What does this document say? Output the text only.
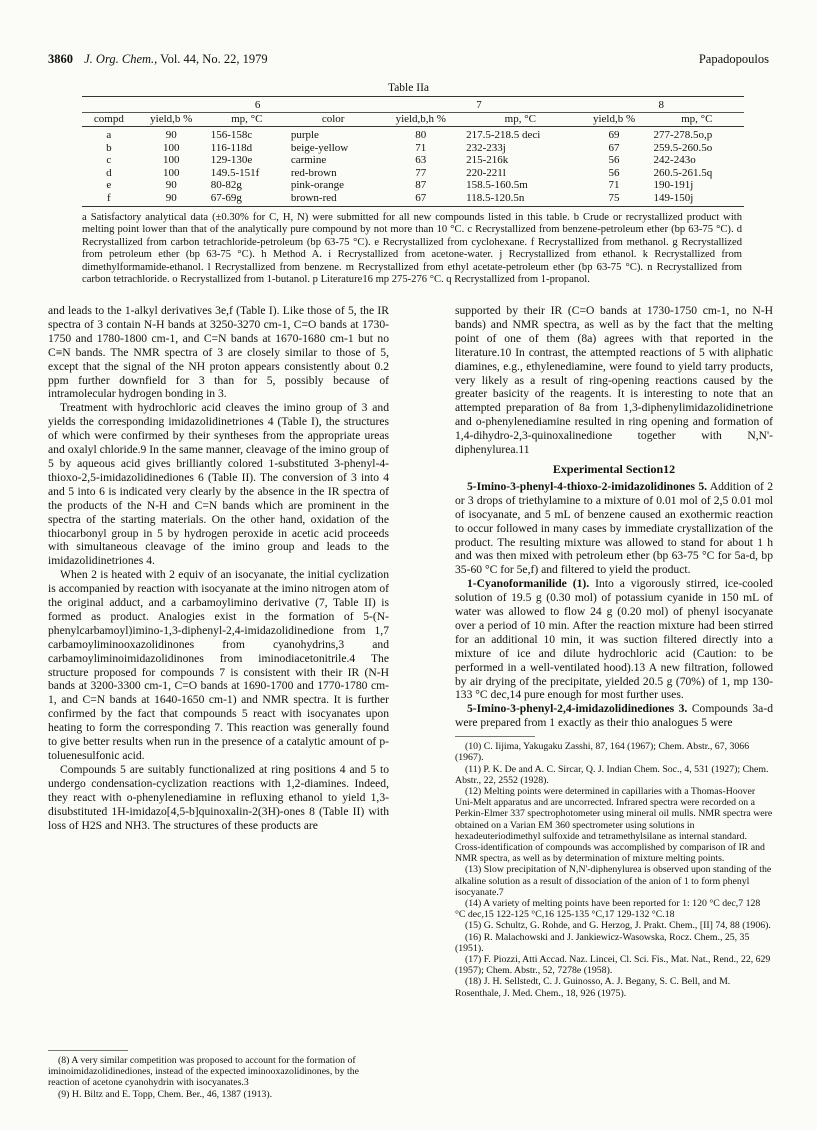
3860 J. Org. Chem., Vol. 44, No. 22, 1979	Papadopoulos
Table IIa
	6			7		8	
compd	yield,b %	mp, °C	color	yield,b,h %	mp, °C	yield,b %	mp, °C
a	90	156-158c	purple	80	217.5-218.5 deci	69	277-278.5o,p
b	100	116-118d	beige-yellow	71	232-233j	67	259.5-260.5o
c	100	129-130e	carmine	63	215-216k	56	242-243o
d	100	149.5-151f	red-brown	77	220-221l	56	260.5-261.5q
e	90	80-82g	pink-orange	87	158.5-160.5m	71	190-191j
f	90	67-69g	brown-red	67	118.5-120.5n	75	149-150j
a Satisfactory analytical data (±0.30% for C, H, N) were submitted for all new compounds listed in this table. b Crude or recrystallized product with melting point lower than that of the analytically pure compound by not more than 10 °C. c Recrystallized from benzene-petroleum ether (bp 63-75 °C). d Recrystallized from carbon tetrachloride-petroleum (bp 63-75 °C). e Recrystallized from cyclohexane. f Recrystallized from methanol. g Recrystallized from petroleum ether (bp 63-75 °C). h Method A. i Recrystallized from acetone-water. j Recrystallized from ethanol. k Recrystallized from dimethylformamide-ethanol. l Recrystallized from benzene. m Recrystallized from ethyl acetate-petroleum ether (bp 63-75 °C). n Recrystallized from carbon tetrachloride. o Recrystallized from 1-butanol. p Literature16 mp 275-276 °C. q Recrystallized from 1-propanol.

and leads to the 1-alkyl derivatives 3e,f (Table I). Like those of 5, the IR spectra of 3 contain N-H bands at 3250-3270 cm-1, C=O bands at 1730-1750 and 1780-1800 cm-1, and C=N bands at 1670-1680 cm-1 but no C≡N bands. The NMR spectra of 3 are closely similar to those of 5, except that the signal of the NH proton appears consistently about 0.2 ppm further downfield for 3 than for 5, possibly because of intramolecular hydrogen bonding in 3.

Treatment with hydrochloric acid cleaves the imino group of 3 and yields the corresponding imidazolidinetriones 4 (Table I), the structures of which were confirmed by their syntheses from the appropriate ureas and oxalyl chloride.9 In the same manner, cleavage of the imino group of 5 by aqueous acid gives brilliantly colored 1-substituted 3-phenyl-4-thioxo-2,5-imidazolidinediones 6 (Table II). The conversion of 3 into 4 and 5 into 6 is indicated very clearly by the absence in the IR spectra of the products of the N-H and C=N bands which are prominent in the spectra of the starting materials. On the other hand, oxidation of the thiocarbonyl group in 5 by hydrogen peroxide in acetic acid proceeds with simultaneous cleavage of the imino group and leads to the imidazolidinetriones 4.

When 2 is heated with 2 equiv of an isocyanate, the initial cyclization is accompanied by reaction with isocyanate at the imino nitrogen atom of the original adduct, and a carbamoylimino derivative (7, Table II) is formed as product. Analogies exist in the formation of 5-(N-phenylcarbamoyl)imino-1,3-diphenyl-2,4-imidazolidinedione from 1,7 carbamoyliminooxazolidinones from cyanohydrins,3 and carbamoyliminoimidazolidinones from iminodiacetonitrile.4 The structure proposed for compounds 7 is consistent with their IR (N-H bands at 3200-3300 cm-1, C=O bands at 1690-1700 and 1770-1780 cm-1, and C=N bands at 1640-1650 cm-1) and NMR spectra. It is further confirmed by the fact that compounds 5 react with isocyanates upon heating to form the corresponding 7. This reaction was generally found to give better results when run in the presence of a catalytic amount of p-toluenesulfonic acid.

Compounds 5 are suitably functionalized at ring positions 4 and 5 to undergo condensation-cyclization reactions with 1,2-diamines. Indeed, they react with o-phenylenediamine in refluxing ethanol to yield 1,3-disubstituted 1H-imidazo[4,5-b]quinoxalin-2(3H)-ones 8 (Table II) with loss of H2S and NH3. The structures of these products are

(8) A very similar competition was proposed to account for the formation of iminoimidazolidinediones, instead of the expected iminooxazolidinones, by the reaction of acetone cyanohydrin with isocyanates.3

(9) H. Biltz and E. Topp, Chem. Ber., 46, 1387 (1913).

supported by their IR (C=O bands at 1730-1750 cm-1, no N-H bands) and NMR spectra, as well as by the fact that the melting point of one of them (8a) agrees with that reported in the literature.10 In contrast, the attempted reactions of 5 with aliphatic diamines, e.g., ethylenediamine, were found to yield tarry products, very likely as a result of ring-opening reactions caused by the greater basicity of the reagents. It is interesting to note that an attempted preparation of 8a from 1,3-diphenylimidazolidinetrione and o-phenylenediamine resulted in ring opening and formation of 1,4-dihydro-2,3-quinoxalinedione together with N,N'-diphenylurea.11

Experimental Section12

5-Imino-3-phenyl-4-thioxo-2-imidazolidinones 5. Addition of 2 or 3 drops of triethylamine to a mixture of 0.01 mol of 2,5 0.01 mol of isocyanate, and 5 mL of benzene caused an exothermic reaction to occur followed in many cases by immediate crystallization of the product. The resulting mixture was allowed to stand for about 1 h and was then mixed with petroleum ether (bp 63-75 °C for 5a-d, bp 35-60 °C for 5e,f) and filtered to yield the product.

1-Cyanoformanilide (1). Into a vigorously stirred, ice-cooled solution of 19.5 g (0.30 mol) of potassium cyanide in 150 mL of water was allowed to flow 24 g (0.20 mol) of phenyl isocyanate over a period of 10 min. After the reaction mixture had been stirred for an additional 10 min, it was suction filtered directly into a mixture of ice and dilute hydrochloric acid (Caution: to be performed in a well-ventilated hood).13 A new filtration, followed by air drying of the precipitate, yielded 20.5 g (70%) of 1, mp 130-133 °C dec,14 pure enough for most further uses.

5-Imino-3-phenyl-2,4-imidazolidinediones 3. Compounds 3a-d were prepared from 1 exactly as their thio analogues 5 were

(10) C. Iijima, Yakugaku Zasshi, 87, 164 (1967); Chem. Abstr., 67, 3066 (1967).

(11) P. K. De and A. C. Sircar, Q. J. Indian Chem. Soc., 4, 531 (1927); Chem. Abstr., 22, 2552 (1928).

(12) Melting points were determined in capillaries with a Thomas-Hoover Uni-Melt apparatus and are uncorrected. Infrared spectra were recorded on a Perkin-Elmer 337 spectrophotometer using mineral oil mulls. NMR spectra were obtained on a Varian EM 360 spectrometer using solutions in hexadeuteriodimethyl sulfoxide and tetramethylsilane as internal standard. Cross-identification of compounds was accomplished by comparison of IR and NMR spectra, as well as by determination of mixture melting points.

(13) Slow precipitation of N,N'-diphenylurea is observed upon standing of the alkaline solution as a result of dissociation of the anion of 1 to form phenyl isocyanate.7

(14) A variety of melting points have been reported for 1: 120 °C dec,7 128 °C dec,15 122-125 °C,16 125-135 °C,17 129-132 °C.18

(15) G. Schultz, G. Rohde, and G. Herzog, J. Prakt. Chem., [II] 74, 88 (1906).

(16) R. Malachowski and J. Jankiewicz-Wasowska, Rocz. Chem., 25, 35 (1951).

(17) F. Piozzi, Atti Accad. Naz. Lincei, Cl. Sci. Fis., Mat. Nat., Rend., 22, 629 (1957); Chem. Abstr., 52, 7278e (1958).

(18) J. H. Sellstedt, C. J. Guinosso, A. J. Begany, S. C. Bell, and M. Rosenthale, J. Med. Chem., 18, 926 (1975).
